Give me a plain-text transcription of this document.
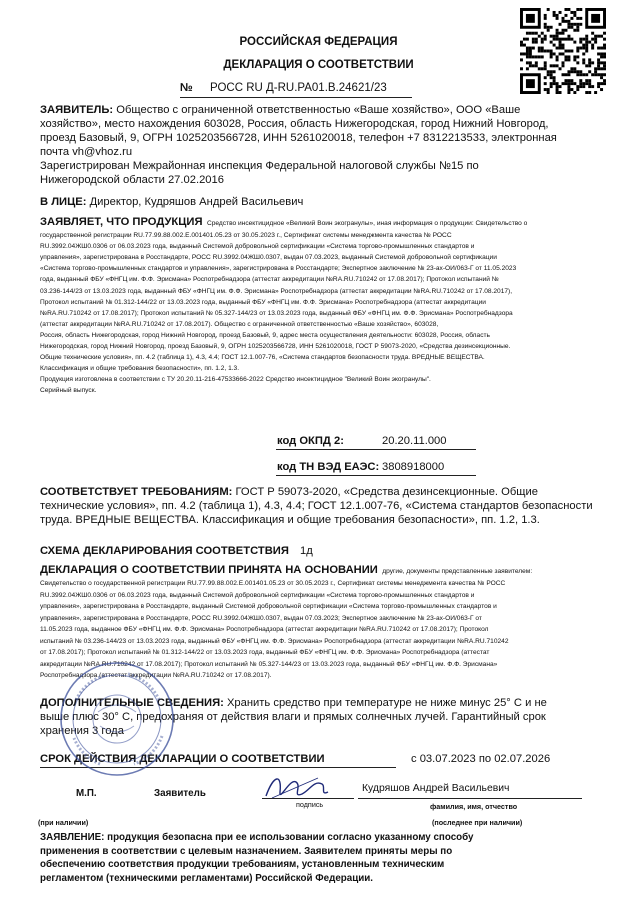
РОССИЙСКАЯ ФЕДЕРАЦИЯ
ДЕКЛАРАЦИЯ О СООТВЕТСТВИИ
№ РОСС RU Д-RU.PA01.B.24621/23
ЗАЯВИТЕЛЬ: Общество с ограниченной ответственностью «Ваше хозяйство», ООО «Ваше
хозяйство», место нахождения 603028, Россия, область Нижегородская, город Нижний Новгород,
проезд Базовый, 9, ОГРН 1025203566728, ИНН 5261020018, телефон +7 8312213533, электронная
почта vh@vhoz.ru
Зарегистрирован Межрайонная инспекция Федеральной налоговой службы №15 по
Нижегородской области 27.02.2016
В ЛИЦЕ: Директор, Кудряшов Андрей Васильевич
ЗАЯВЛЯЕТ, ЧТО ПРОДУКЦИЯ Средство инсектицидное «Великий Воин экогранулы», иная информация о продукции: Свидетельство о
государственной регистрации RU.77.99.88.002.E.001401.05.23 от 30.05.2023 г., Сертификат системы менеджмента качества № РОСС
RU.3992.04ЖШ0.0306 от 06.03.2023 года, выданный Системой добровольной сертификации «Система торгово-промышленных стандартов и
управления», зарегистрирована в Росстандарте, РОСС RU.3992.04ЖШ0.0307, выдан 07.03.2023, выданный Системой добровольной сертификации
«Система торгово-промышленных стандартов и управления», зарегистрирована в Росстандарте; Экспертное заключение № 23-ах-ОИ/063-Г от 11.05.2023
года, выданный ФБУ «ФНГЦ им. Ф.Ф. Эрисмана» Роспотребнадзора (аттестат аккредитации №RA.RU.710242 от 17.08.2017); Протокол испытаний №
03.236-144/23 от 13.03.2023 года, выданный ФБУ «ФНГЦ им. Ф.Ф. Эрисмана» Роспотребнадзора (аттестат аккредитации №RA.RU.710242 от 17.08.2017),
Протокол испытаний № 01.312-144/22 от 13.03.2023 года, выданный ФБУ «ФНГЦ им. Ф.Ф. Эрисмана» Роспотребнадзора (аттестат аккредитации
№RA.RU.710242 от 17.08.2017); Протокол испытаний № 05.327-144/23 от 13.03.2023 года, выданный ФБУ «ФНГЦ им. Ф.Ф. Эрисмана» Роспотребнадзора
(аттестат аккредитации №RA.RU.710242 от 17.08.2017). Общество с ограниченной ответственностью «Ваше хозяйство», 603028,
Россия, область Нижегородская, город Нижний Новгород, проезд Базовый, 9, адрес места осуществления деятельности: 603028, Россия, область
Нижегородская, город Нижний Новгород, проезд Базовый, 9, ОГРН 1025203566728, ИНН 5261020018, ГОСТ Р 59073-2020, «Средства дезинсекционные.
Общие технические условия», пп. 4.2 (таблица 1), 4.3, 4.4; ГОСТ 12.1.007-76, «Система стандартов безопасности труда. ВРЕДНЫЕ ВЕЩЕСТВА.
Классификация и общие требования безопасности», пп. 1.2, 1.3.
Продукция изготовлена в соответствии с ТУ 20.20.11-216-47533666-2022 Средство инсектицидное "Великий Воин экогранулы".
Серийный выпуск.
код ОКПД 2:	20.20.11.000
код ТН ВЭД ЕАЭС: 3808918000
СООТВЕТСТВУЕТ ТРЕБОВАНИЯМ: ГОСТ Р 59073-2020, «Средства дезинсекционные. Общие
технические условия», пп. 4.2 (таблица 1), 4.3, 4.4; ГОСТ 12.1.007-76, «Система стандартов безопасности
труда. ВРЕДНЫЕ ВЕЩЕСТВА. Классификация и общие требования безопасности», пп. 1.2, 1.3.
СХЕМА ДЕКЛАРИРОВАНИЯ СООТВЕТСТВИЯ 1д
ДЕКЛАРАЦИЯ О СООТВЕТСТВИИ ПРИНЯТА НА ОСНОВАНИИ другие, документы представленные заявителем:
Свидетельство о государственной регистрации RU.77.99.88.002.E.001401.05.23 от 30.05.2023 г., Сертификат системы менеджмента качества № РОСС
RU.3992.04ЖШ0.0306 от 06.03.2023 года, выданный Системой добровольной сертификации «Система торгово-промышленных стандартов и
управления», зарегистрирована в Росстандарте, выданный Системой добровольной сертификации «Система торгово-промышленных стандартов и
управления», зарегистрирована в Росстандарте, РОСС RU.3992.04ЖШ0.0307, выдан 07.03.2023; Экспертное заключение № 23-ах-ОИ/063-Г от
11.05.2023 года, выданное ФБУ «ФНГЦ им. Ф.Ф. Эрисмана» Роспотребнадзора (аттестат аккредитации №RA.RU.710242 от 17.08.2017); Протокол
испытаний № 03.236-144/23 от 13.03.2023 года, выданный ФБУ «ФНГЦ им. Ф.Ф. Эрисмана» Роспотребнадзора (аттестат аккредитации №RA.RU.710242
от 17.08.2017); Протокол испытаний № 01.312-144/22 от 13.03.2023 года, выданный ФБУ «ФНГЦ им. Ф.Ф. Эрисмана» Роспотребнадзора (аттестат
аккредитации №RA.RU.710242 от 17.08.2017); Протокол испытаний № 05.327-144/23 от 13.03.2023 года, выданный ФБУ «ФНГЦ им. Ф.Ф. Эрисмана»
Роспотребнадзора (аттестат аккредитации №RA.RU.710242 от 17.08.2017).
ДОПОЛНИТЕЛЬНЫЕ СВЕДЕНИЯ: Хранить средство при температуре не ниже минус 25° С и не
выше плюс 30° С, предохраняя от действия влаги и прямых солнечных лучей. Гарантийный срок
хранения 3 года
СРОК ДЕЙСТВИЯ ДЕКЛАРАЦИИ О СООТВЕТСТВИИ	с 03.07.2023 по 02.07.2026
М.П.	Заявитель
подпись
Кудряшов Андрей Васильевич
фамилия, имя, отчество
(при наличии)	(последнее при наличии)
ЗАЯВЛЕНИЕ: продукция безопасна при ее использовании согласно указанному способу
применения в соответствии с целевым назначением. Заявителем приняты меры по
обеспечению соответствия продукции требованиям, установленным техническим
регламентом (техническими регламентами) Российской Федерации.
